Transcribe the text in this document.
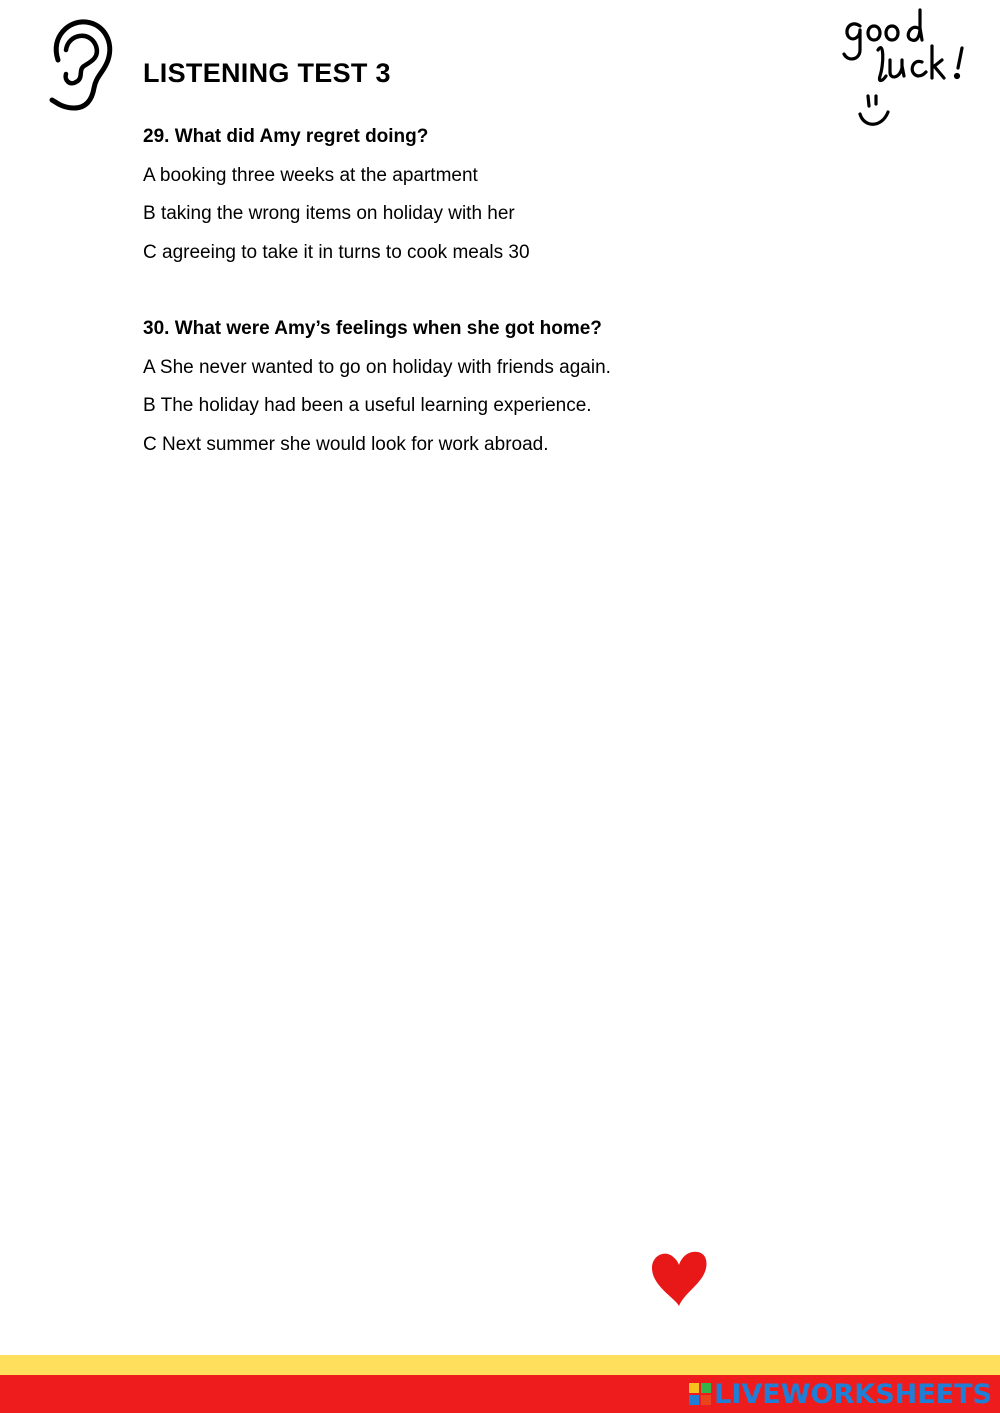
LISTENING TEST 3
29. What did Amy regret doing?
A booking three weeks at the apartment
B taking the wrong items on holiday with her
C agreeing to take it in turns to cook meals 30
30. What were Amy’s feelings when she got home?
A She never wanted to go on holiday with friends again.
B The holiday had been a useful learning experience.
C Next summer she would look for work abroad.
LIVEWORKSHEETS
